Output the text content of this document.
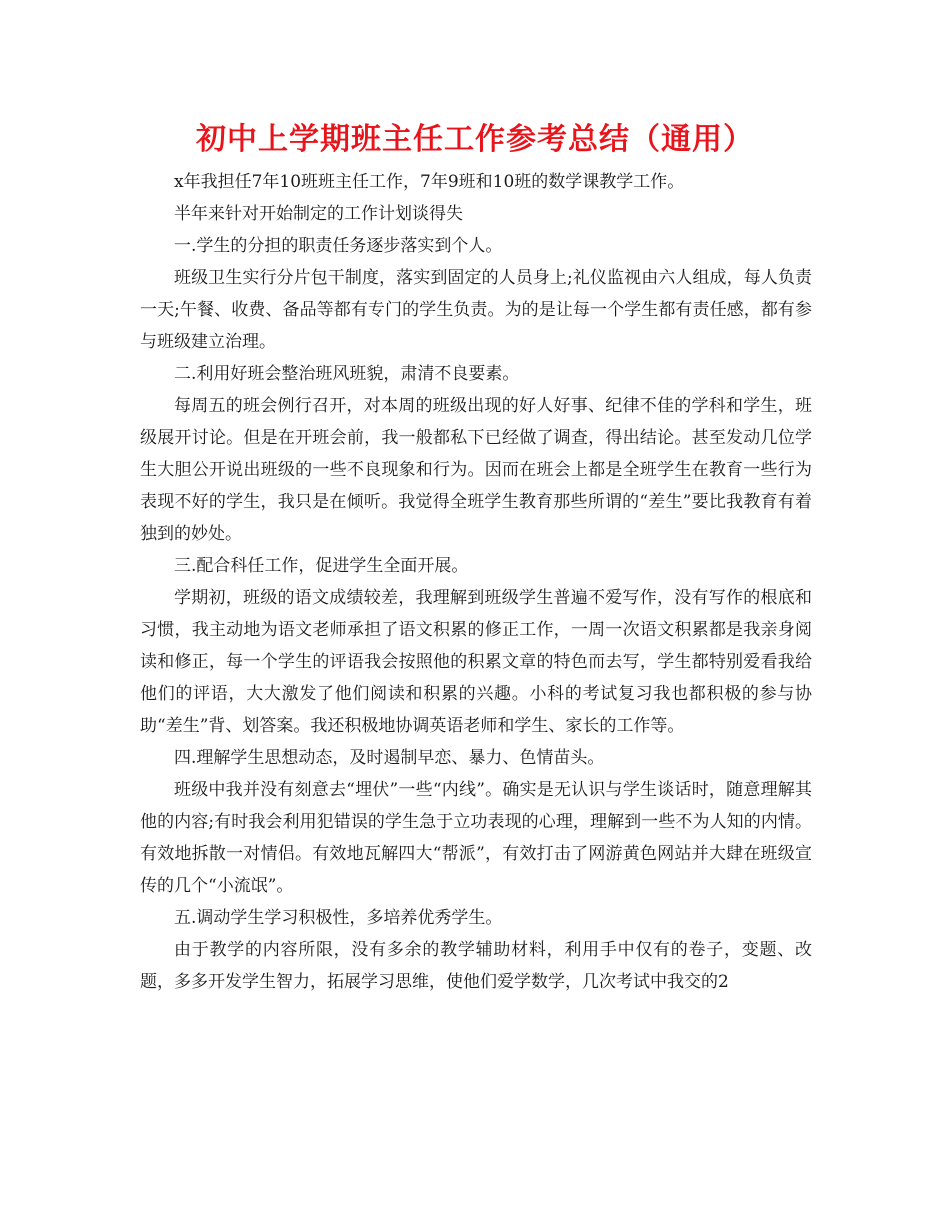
初中上学期班主任工作参考总结（通用）

x年我担任7年10班班主任工作，7年9班和10班的数学课教学工作。

半年来针对开始制定的工作计划谈得失

一.学生的分担的职责任务逐步落实到个人。

班级卫生实行分片包干制度，落实到固定的人员身上;礼仪监视由六人组成，每人负责一天;午餐、收费、备品等都有专门的学生负责。为的是让每一个学生都有责任感，都有参与班级建立治理。

二.利用好班会整治班风班貌，肃清不良要素。

每周五的班会例行召开，对本周的班级出现的好人好事、纪律不佳的学科和学生，班级展开讨论。但是在开班会前，我一般都私下已经做了调查，得出结论。甚至发动几位学生大胆公开说出班级的一些不良现象和行为。因而在班会上都是全班学生在教育一些行为表现不好的学生，我只是在倾听。我觉得全班学生教育那些所谓的“差生”要比我教育有着独到的妙处。

三.配合科任工作，促进学生全面开展。

学期初，班级的语文成绩较差，我理解到班级学生普遍不爱写作，没有写作的根底和习惯，我主动地为语文老师承担了语文积累的修正工作，一周一次语文积累都是我亲身阅读和修正，每一个学生的评语我会按照他的积累文章的特色而去写，学生都特别爱看我给他们的评语，大大激发了他们阅读和积累的兴趣。小科的考试复习我也都积极的参与协助“差生”背、划答案。我还积极地协调英语老师和学生、家长的工作等。

四.理解学生思想动态，及时遏制早恋、暴力、色情苗头。

班级中我并没有刻意去“埋伏”一些“内线”。确实是无认识与学生谈话时，随意理解其他的内容;有时我会利用犯错误的学生急于立功表现的心理，理解到一些不为人知的内情。有效地拆散一对情侣。有效地瓦解四大“帮派”，有效打击了网游黄色网站并大肆在班级宣传的几个“小流氓”。

五.调动学生学习积极性，多培养优秀学生。

由于教学的内容所限，没有多余的教学辅助材料，利用手中仅有的卷子，变题、改题，多多开发学生智力，拓展学习思维，使他们爱学数学，几次考试中我交的2
